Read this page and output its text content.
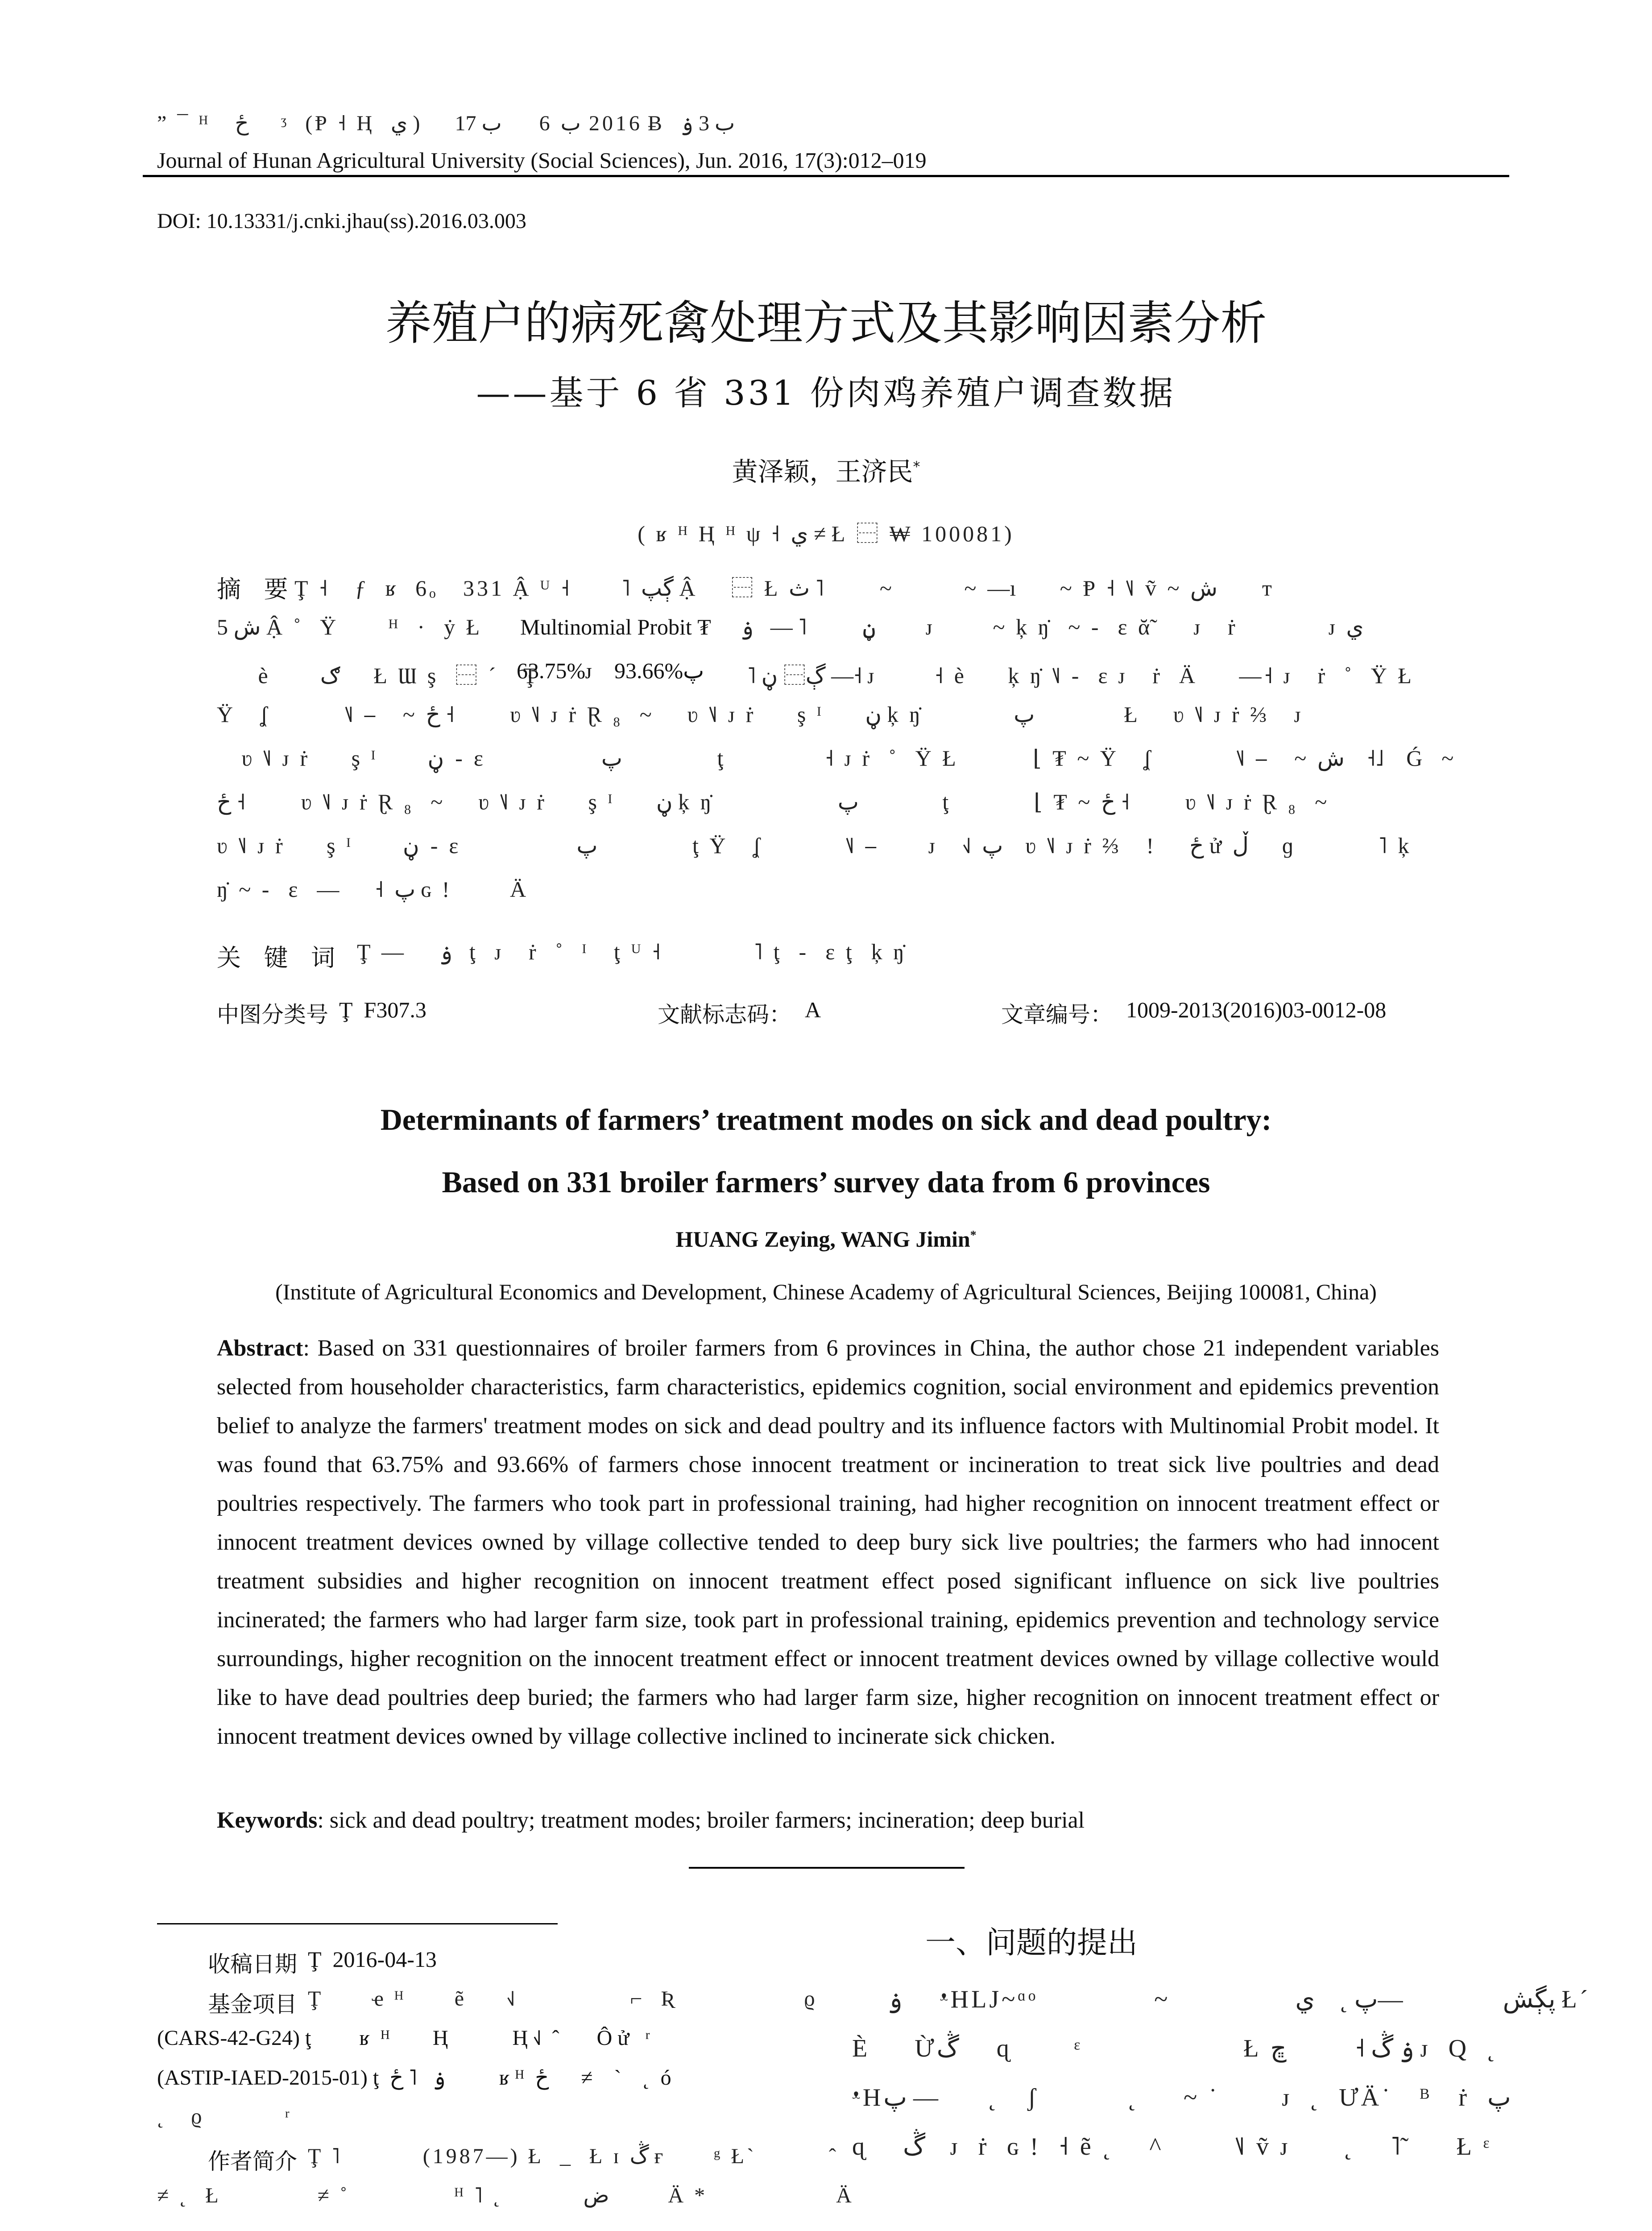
” ¯ ᴴ   ځ      ᶾ  (Ᵽ ˧ Ⱨ  ي )    2016 ب  6       ب 17 Ƀ  ب 3 ۏ
Journal of Hunan Agricultural University (Social Sciences), Jun. 2016, 17(3):012–019
DOI: 10.13331/j.cnki.jhau(ss).2016.03.003
养殖户的病死禽处理方式及其影响因素分析
——基于 6 省 331 份肉鸡养殖户调查数据
黄泽颖，王济民*
( ʁ ᴴ Ⱨ ᴴ ψ ˧ ي ≠ Ł ⿱ ₩ 100081)
摘   要 Ţ ˧   ƒ  ʁ  6ₒ   331 Ậ ᵁ ˧      ˥ ڳپ Ậ    ⿱ Ł ث ˥          ~             ~  —ı     ~ Ᵽ ˧ ˥˩ ṽ ~ ش        т
ش 5 Ậ ˚  Ÿ      ᴴ  ·  ẏ Ł
Multinomial Probit ₮ ڼ          ˥ —   ۏ         ᴊ       ~ ķ ŋ̇  ~ ‐  ε ᾰ̃     ᴊ   ṙ           ᴊ ي
è      ګ      Ł Ɯ ş  ⿱ ´   Ţ
63.75%ᴊ    93.66%پ ˥ ڳ⿱ ڼ —˧ ᴊ       ˧ è     ķ ŋ̇ ˥˩ ‐  ε ᴊ   ṙ  Ä     —˧ ᴊ   ṙ  ˚  Ÿ Ł
Ÿ   ʆ         ˥˩ ⎯   ~ ځ ˧          ʋ ˥˩ ᴊ ṙ Ɽ ₈  ~    ʋ ˥˩ ᴊ ṙ     ş ᴵ     ڼ ķ ŋ̇           پ                Ł    ʋ ˥˩ ᴊ ṙ ⅔   ᴊ
ʋ ˥˩ ᴊ ṙ     ş ᴵ      ڼ  ‐  ε              پ                 ţ            ˧ ᴊ ṙ  ˚  Ÿ Ł         ⌊ ₮ ~ Ÿ   ʆ          ˥˩ ⎯   ~ ش    ˧˩    Ǵ  ~
ځ ˧          ʋ ˥˩ ᴊ ṙ Ɽ ₈  ~    ʋ ˥˩ ᴊ ṙ     ş ᴵ     ڼ ķ ŋ̇               پ               ţ          ⌊ ₮ ~ ځ ˧          ʋ ˥˩ ᴊ ṙ Ɽ ₈  ~
ʋ ˥˩ ᴊ ṙ     ş ᴵ      ڼ  ‐  ε              پ                 ţ Ÿ   ʆ          ˥˩ ⎯      ᴊ   ˧˩ پ    ʋ ˥˩ ᴊ ṙ ⅔   ǃ    ځ ử ڵ      ɡ          ˥ ķ
ŋ̇ ~ ‐  ε  —    ˧ پ ɢ ǃ       Ä
关   键   词 Ţ —    ۏ   ţ  ᴊ   ṙ  ˚  ᴵ   ţ ᵁ ˧           ˥ ţ  ‐  ε ţ  ķ ŋ̇
中图分类号 Ţ  F307.3	文献标志码： A	文章编号： 1009-2013(2016)03-0012-08
Determinants of farmers’ treatment modes on sick and dead poultry:
Based on 331 broiler farmers’ survey data from 6 provinces
HUANG Zeying, WANG Jimin*
(Institute of Agricultural Economics and Development, Chinese Academy of Agricultural Sciences, Beijing 100081, China)
Abstract: Based on 331 questionnaires of broiler farmers from 6 provinces in China, the author chose 21 independent variables selected from householder characteristics, farm characteristics, epidemics cognition, social environment and epidemics prevention belief to analyze the farmers' treatment modes on sick and dead poultry and its influence factors with Multinomial Probit model. It was found that 63.75% and 93.66% of farmers chose innocent treatment or incineration to treat sick live poultries and dead poultries respectively. The farmers who took part in professional training, had higher recognition on innocent treatment effect or innocent treatment devices owned by village collective tended to deep bury sick live poultries; the farmers who had innocent treatment subsidies and higher recognition on innocent treatment effect posed significant influence on sick live poultries incinerated; the farmers who had larger farm size, took part in professional training, epidemics prevention and technology service surroundings, higher recognition on the innocent treatment effect or innocent treatment devices owned by village collective would like to have dead poultries deep buried; the farmers who had larger farm size, higher recognition on innocent treatment effect or innocent treatment devices owned by village collective inclined to incinerate sick chicken.
Keywords: sick and dead poultry; treatment modes; broiler farmers; incineration; deep burial
收稿日期 Ţ  2016-04-13
基金项目 Ţ      ҽ ᴴ      ẽ     ˧˩              ⌐  Ʀ                ϱ
(CARS-42-G24) ţ         ʁ  ᴴ        Ⱨ            Ⱨ ˧˩  ˆ       Ô ử   ʳ
(ASTIP-IAED-2015-01) ţ  ۏ   ˥ ځ          ʁ ᴴ  ځ      ≠    `    ˛  ó
˛   ϱ          ʳ
作者简介 Ţ ˥          (1987—) Ł  _  Ł ɪ ڴ ғ      ᵍ Ł`         ˆ
≠ ˛  Ł            ≠ ˚             ᴴ ˥ ˛          ض           Ä *                Ä
一、问题的提出
ۏ      ᵜHLJ~ᵅᵒ             ~              پڳش                —پ ˛    ي Ł´
È     Ừڴ      ɋ       ᵋ                  Ł ۏ ڴ ˧           ڇ ᴊ  Q  ˛
ᵜHپ —        ˛     ʃ          ˛     ~ ˙       ᴊ  ˛  ƯÄ˙   ᴮ   ṙ  پ
ɋ    ڴ    ᴊ  ṙ  ɢ ǃ  ˧ ẽ ˛    ^        ˥˩ ṽ ᴊ      ˛    ˥̃      Ł ᵋ
